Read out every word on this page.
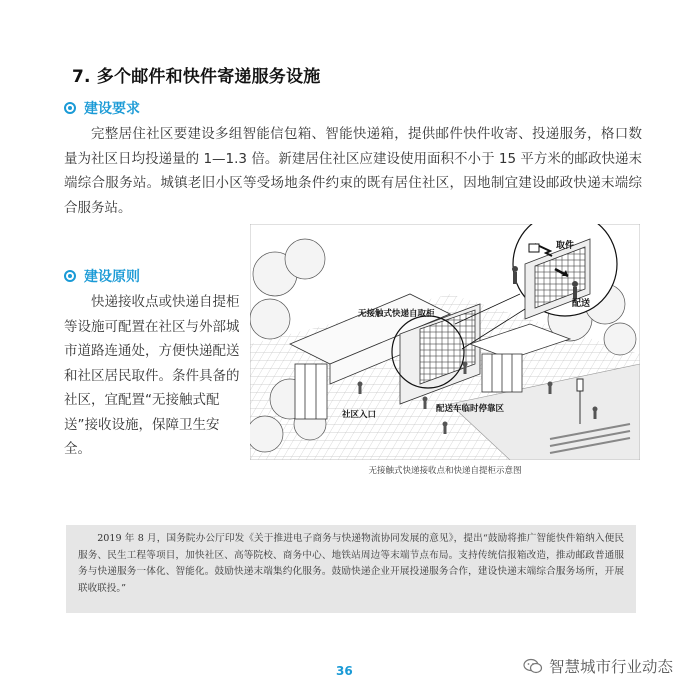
7. 多个邮件和快件寄递服务设施
建设要求
完整居住社区要建设多组智能信包箱、智能快递箱，提供邮件快件收寄、投递服务，格口数量为社区日均投递量的 1—1.3 倍。新建居住社区应建设使用面积不小于 15 平方米的邮政快递末端综合服务站。城镇老旧小区等受场地条件约束的既有居住社区，因地制宜建设邮政快递末端综合服务站。
建设原则
快递接收点或快递自提柜等设施可配置在社区与外部城市道路连通处，方便快递配送和社区居民取件。条件具备的社区，宜配置“无接触式配送”接收设施，保障卫生安全。
取件
配送
无接触式快递自取柜
社区入口
配送车临时停靠区
无接触式快递接收点和快递自提柜示意图

2019 年 8 月，国务院办公厅印发《关于推进电子商务与快递物流协同发展的意见》，提出“鼓励将推广智能快件箱纳入便民服务、民生工程等项目，加快社区、高等院校、商务中心、地铁站周边等末端节点布局。支持传统信报箱改造，推动邮政普通服务与快递服务一体化、智能化。鼓励快递末端集约化服务。鼓励快递企业开展投递服务合作，建设快递末端综合服务场所，开展联收联投。”

36	智慧城市行业动态
